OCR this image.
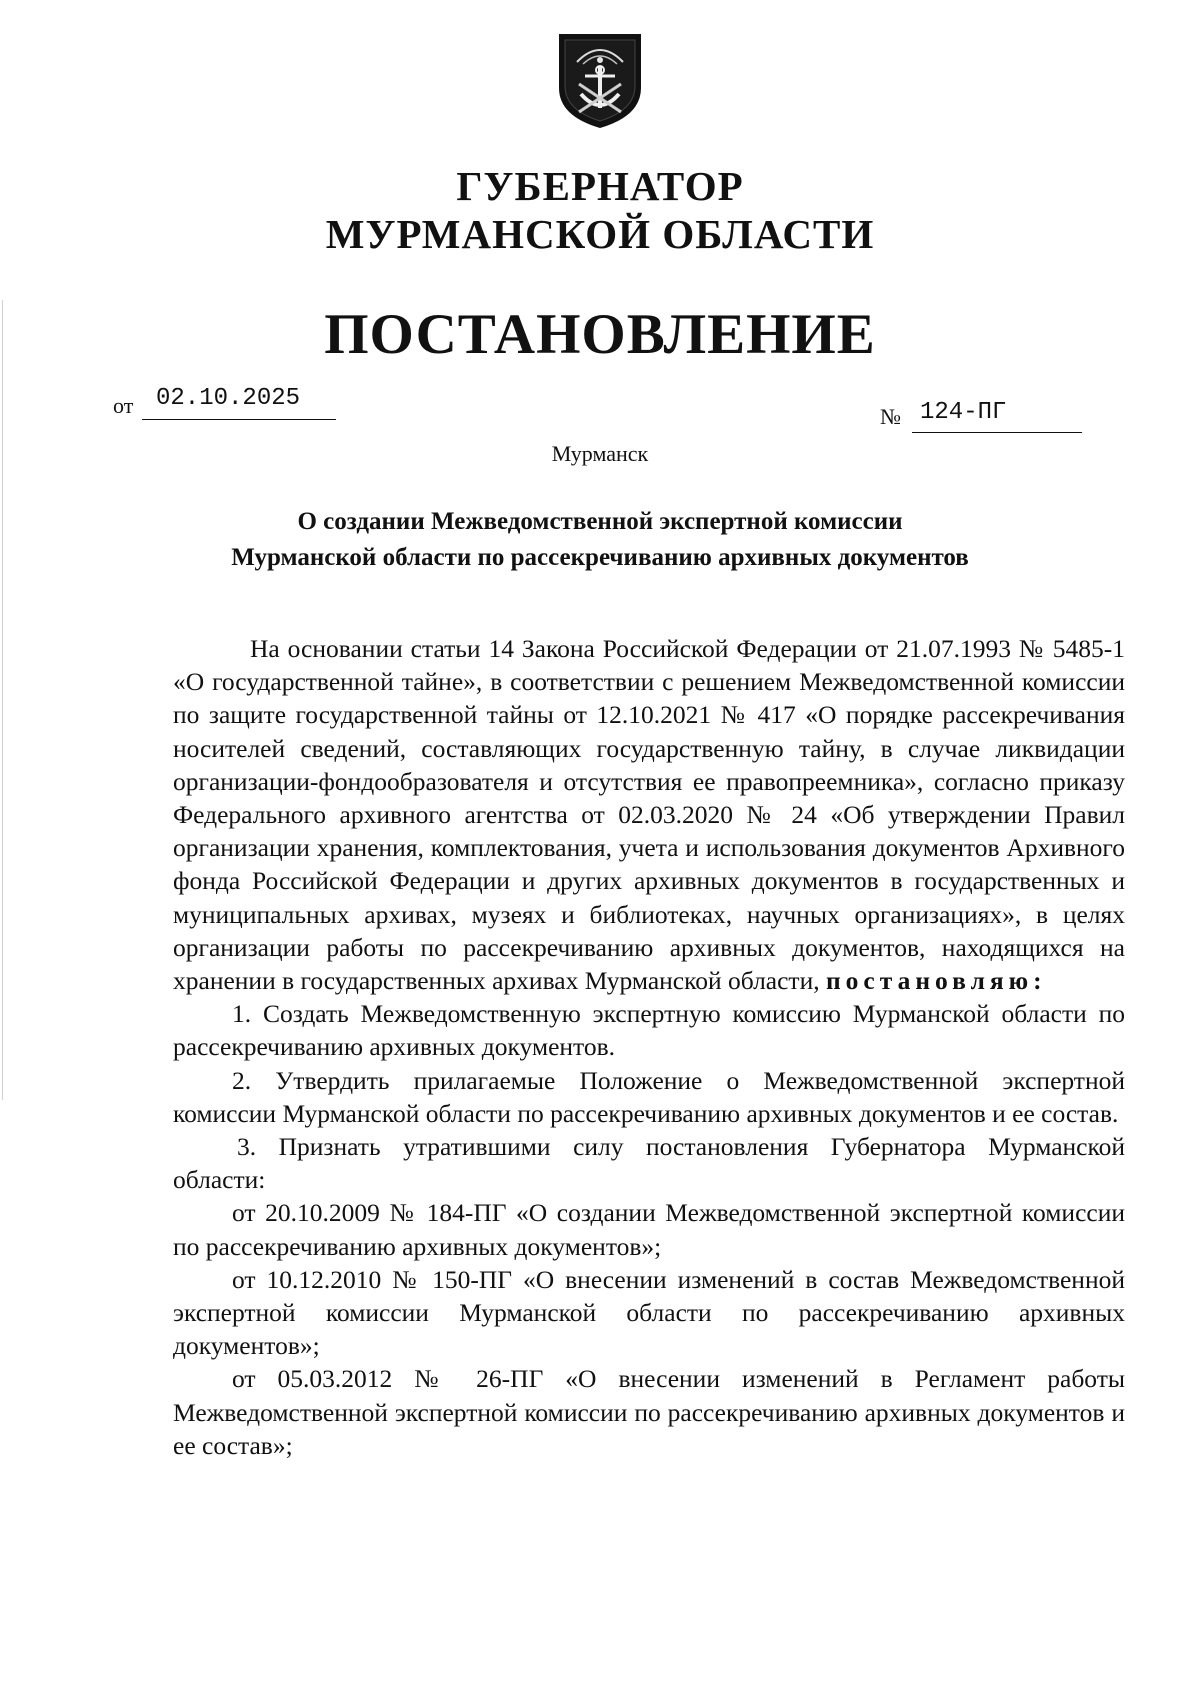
ГУБЕРНАТОР
МУРМАНСКОЙ ОБЛАСТИ
ПОСТАНОВЛЕНИЕ
от 02.10.2025
№ 124-ПГ
Мурманск
О создании Межведомственной экспертной комиссии
Мурманской области по рассекречиванию архивных документов

На основании статьи 14 Закона Российской Федерации от 21.07.1993 № 5485-1 «О государственной тайне», в соответствии с решением Межведомственной комиссии по защите государственной тайны от 12.10.2021 № 417 «О порядке рассекречивания носителей сведений, составляющих государственную тайну, в случае ликвидации организации-фондообразователя и отсутствия ее правопреемника», согласно приказу Федерального архивного агентства от 02.03.2020 № 24 «Об утверждении Правил организации хранения, комплектования, учета и использования документов Архивного фонда Российской Федерации и других архивных документов в государственных и муниципальных архивах, музеях и библиотеках, научных организациях», в целях организации работы по рассекречиванию архивных документов, находящихся на хранении в государственных архивах Мурманской области, постановляю:

1. Создать Межведомственную экспертную комиссию Мурманской области по рассекречиванию архивных документов.

2. Утвердить прилагаемые Положение о Межведомственной экспертной комиссии Мурманской области по рассекречиванию архивных документов и ее состав.

3. Признать утратившими силу постановления Губернатора Мурманской области:

от 20.10.2009 № 184-ПГ «О создании Межведомственной экспертной комиссии по рассекречиванию архивных документов»;

от 10.12.2010 № 150-ПГ «О внесении изменений в состав Межведомственной экспертной комиссии Мурманской области по рассекречиванию архивных документов»;

от 05.03.2012 № 26-ПГ «О внесении изменений в Регламент работы Межведомственной экспертной комиссии по рассекречиванию архивных документов и ее состав»;
